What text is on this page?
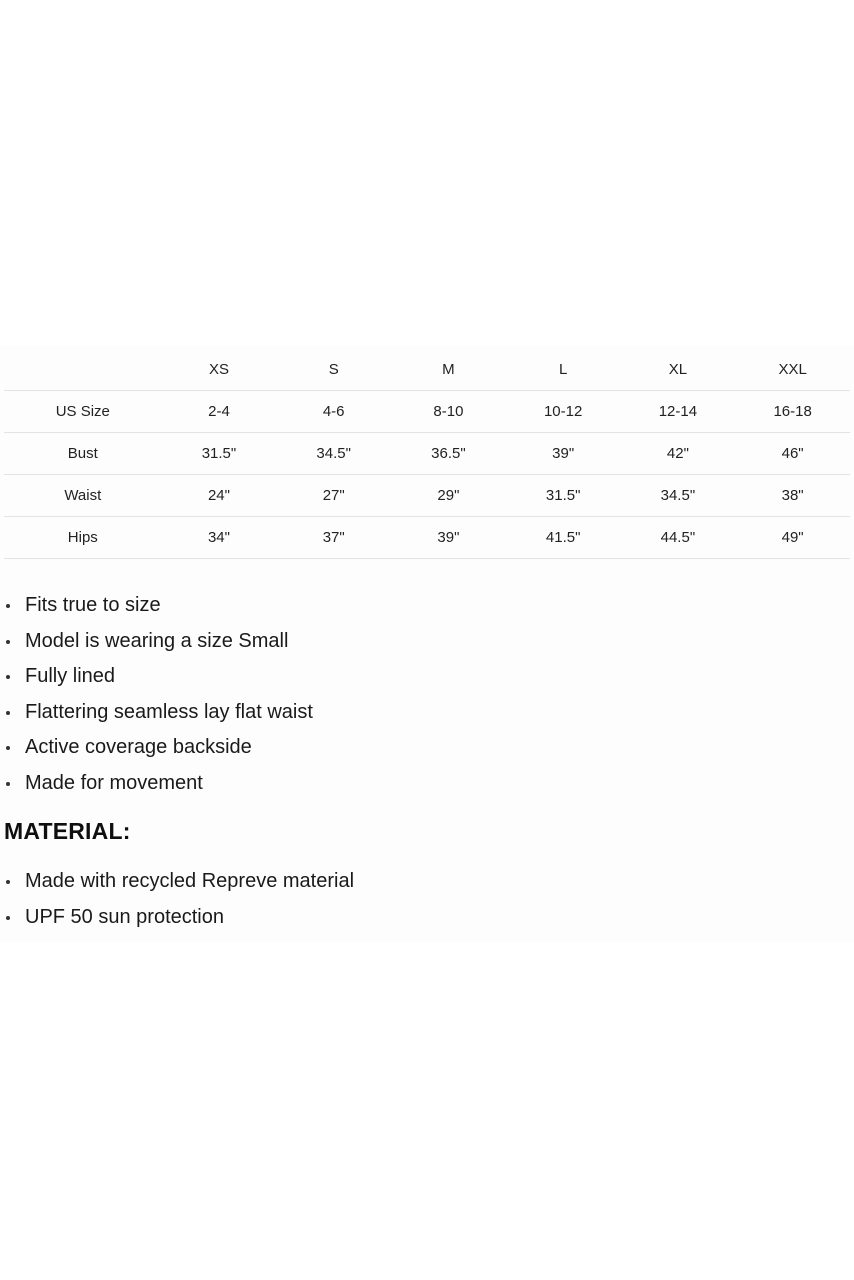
	XS	S	M	L	XL	XXL
US Size	2-4	4-6	8-10	10-12	12-14	16-18
Bust	31.5"	34.5"	36.5"	39"	42"	46"
Waist	24"	27"	29"	31.5"	34.5"	38"
Hips	34"	37"	39"	41.5"	44.5"	49"
Fits true to size
Model is wearing a size Small
Fully lined
Flattering seamless lay flat waist
Active coverage backside
Made for movement
MATERIAL:
Made with recycled Repreve material
UPF 50 sun protection
